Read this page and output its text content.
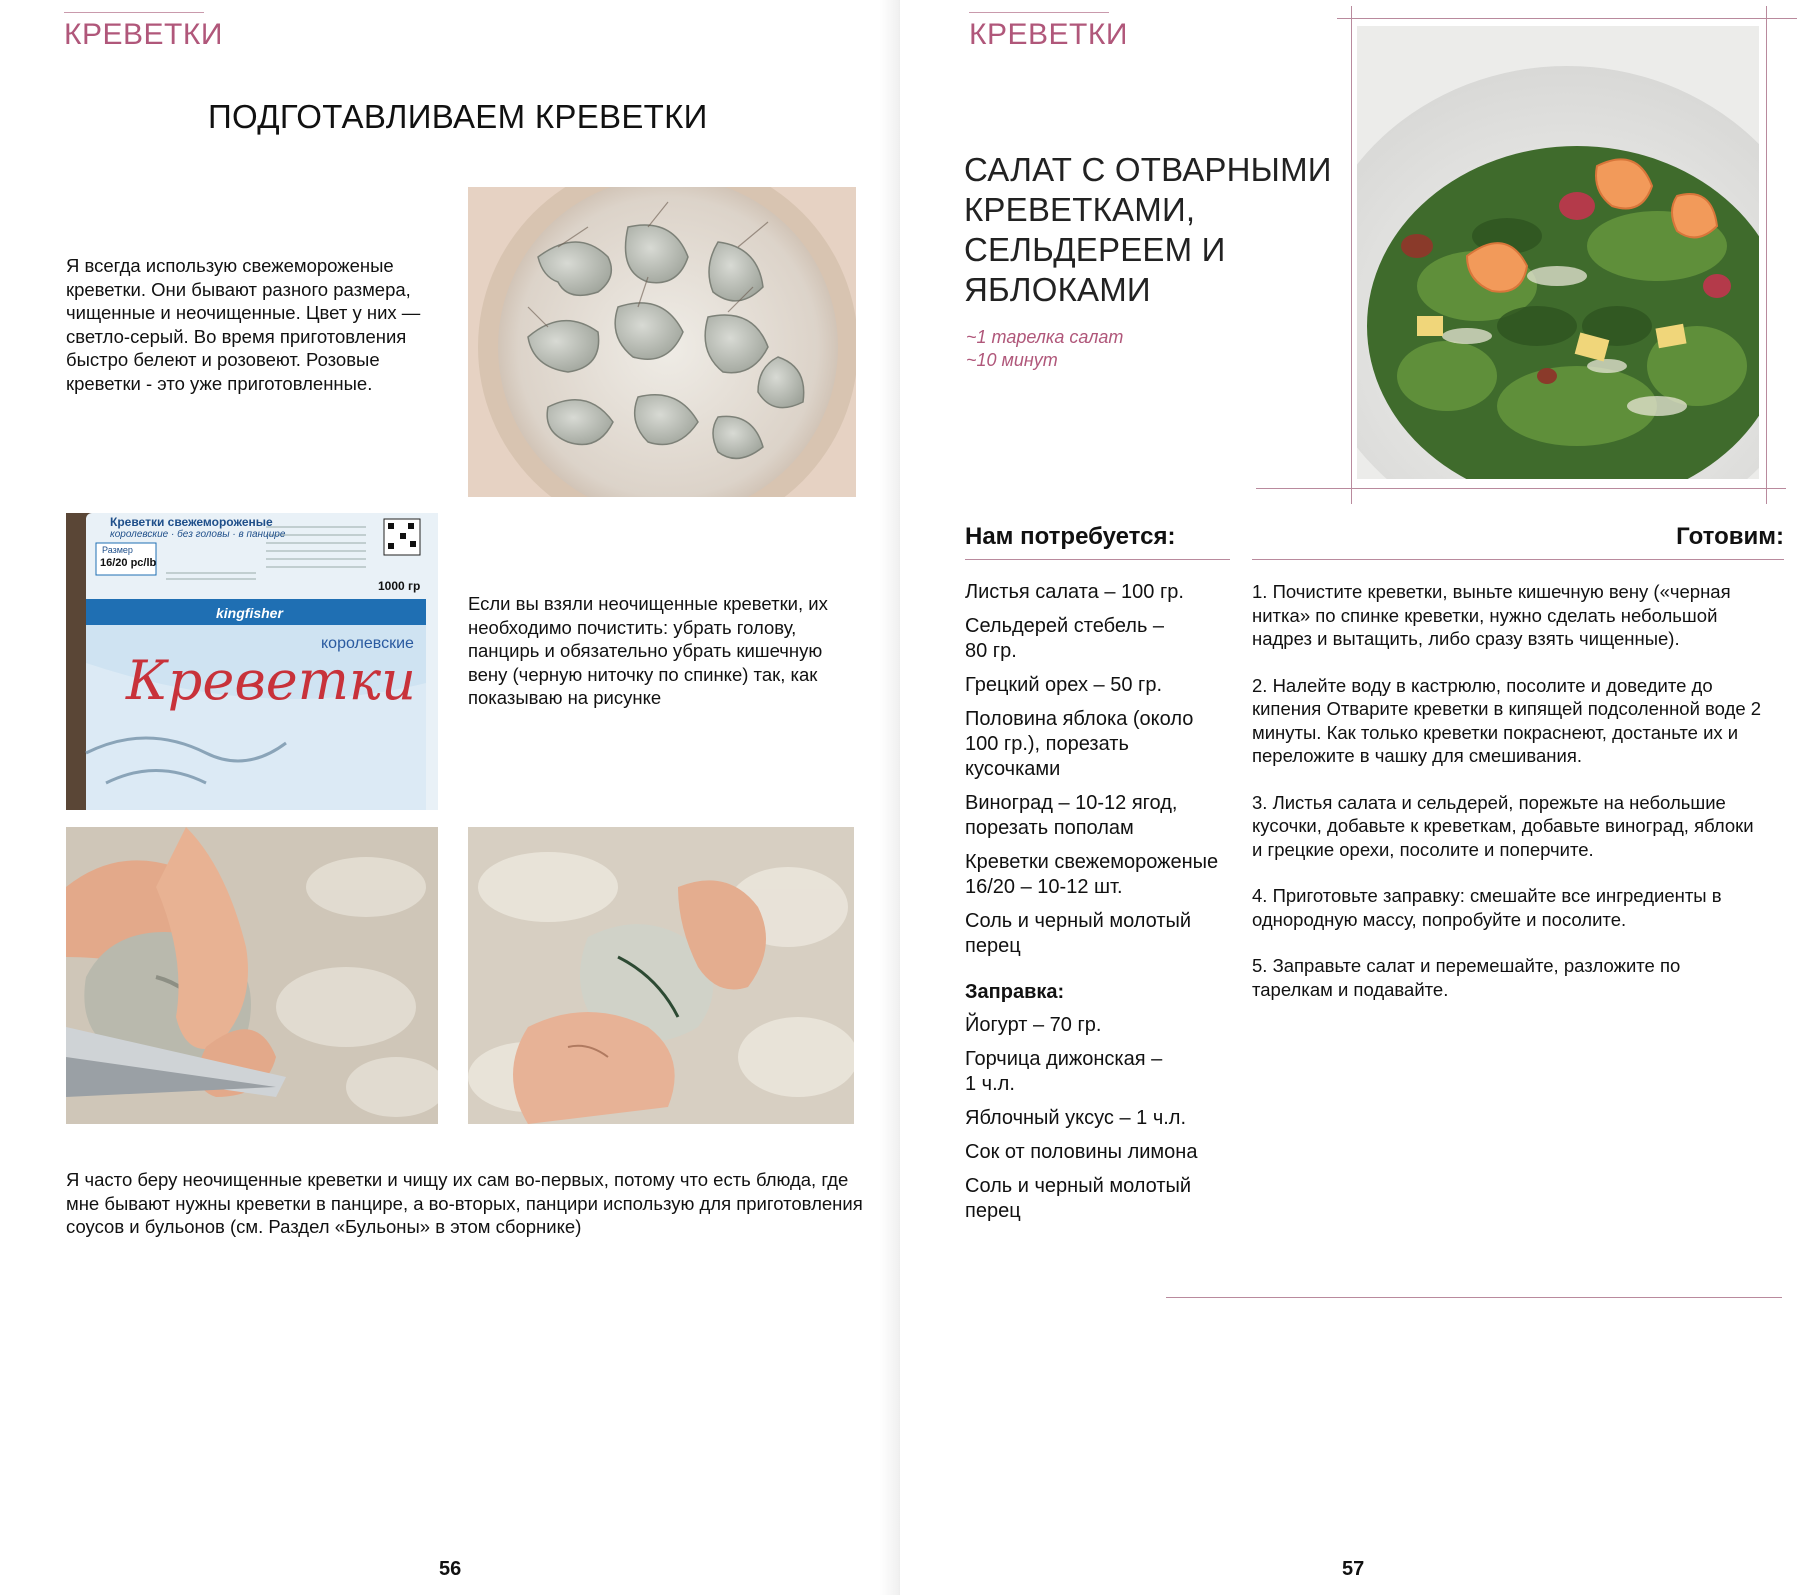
КРЕВЕТКИ
ПОДГОТАВЛИВАЕМ КРЕВЕТКИ
Я всегда использую свежемороженые креветки. Они бывают разного размера, чищенные и неочищенные. Цвет у них — светло-серый. Во время приготовления быстро белеют и розовеют. Розовые креветки - это уже приготовленные.
Креветки свежемороженые
королевские · без головы · в панцире
Размер
16/20 pc/lb
1000 гр
kingfisher
королевские
Креветки
Если вы взяли неочищенные креветки, их необходимо почистить: убрать голову, панцирь и обязательно убрать кишечную вену (черную ниточку по спинке) так, как показываю на рисунке
Я часто беру неочищенные креветки и чищу их сам во-первых, потому что есть блюда, где мне бывают нужны креветки в панцире, а во-вторых, панцири использую для приготовления соусов и бульонов (см. Раздел «Бульоны» в этом сборнике)
56
КРЕВЕТКИ
САЛАТ С ОТВАРНЫМИ КРЕВЕТКАМИ, СЕЛЬДЕРЕЕМ И ЯБЛОКАМИ
~1 тарелка салат
~10 минут
Нам потребуется:	Готовим:
Листья салата – 100 гр.
Сельдерей стебель – 80 гр.
Грецкий орех – 50 гр.
Половина яблока (около 100 гр.), порезать кусочками
Виноград – 10-12 ягод, порезать пополам
Креветки свежемороженые 16/20 – 10-12 шт.
Соль и черный молотый перец
Заправка:
Йогурт – 70 гр.
Горчица дижонская – 1 ч.л.
Яблочный уксус – 1 ч.л.
Сок от половины лимона
Соль и черный молотый перец
1. Почистите креветки, выньте кишечную вену («черная нитка» по спинке креветки, нужно сделать небольшой надрез и вытащить, либо сразу взять чищенные).
2. Налейте воду в кастрюлю, посолите и доведите до кипения Отварите креветки в кипящей подсоленной воде 2 минуты. Как только креветки покраснеют, достаньте их и переложите в чашку для смешивания.
3. Листья салата и сельдерей, порежьте на небольшие кусочки, добавьте к креветкам, добавьте виноград, яблоки и грецкие орехи, посолите и поперчите.
4. Приготовьте заправку: смешайте все ингредиенты в однородную массу, попробуйте и посолите.
5. Заправьте салат и перемешайте, разложите по тарелкам и подавайте.
57
